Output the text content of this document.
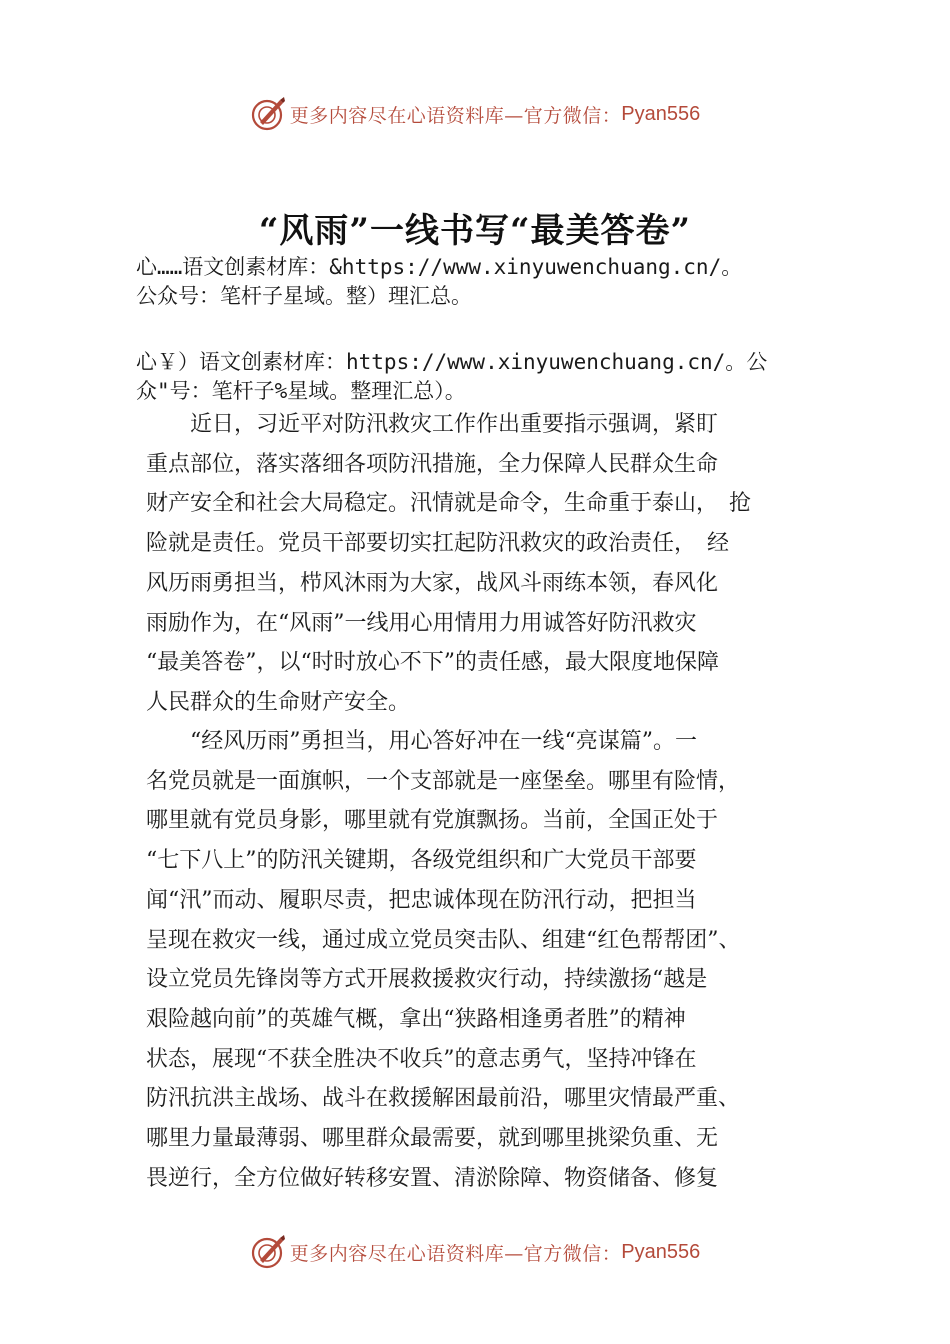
更多内容尽在心语资料库—官方微信： Pyan556
“风雨”一线书写“最美答卷”
心……语文创素材库：&https://www.xinyuwenchuang.cn/。
公众号：笔杆子星域。整）理汇总。
心￥）语文创素材库：https://www.xinyuwenchuang.cn/。公
众"号：笔杆子%星域。整理汇总）。
　　近日，习近平对防汛救灾工作作出重要指示强调，紧盯
重点部位，落实落细各项防汛措施，全力保障人民群众生命
财产安全和社会大局稳定。汛情就是命令，生命重于泰山，　抢
险就是责任。党员干部要切实扛起防汛救灾的政治责任，　经
风历雨勇担当，栉风沐雨为大家，战风斗雨练本领，春风化
雨励作为，在“风雨”一线用心用情用力用诚答好防汛救灾
“最美答卷”，以“时时放心不下”的责任感，最大限度地保障
人民群众的生命财产安全。
　　“经风历雨”勇担当，用心答好冲在一线“亮谋篇”。一
名党员就是一面旗帜，一个支部就是一座堡垒。哪里有险情，
哪里就有党员身影，哪里就有党旗飘扬。当前，全国正处于
“七下八上”的防汛关键期，各级党组织和广大党员干部要
闻“汛”而动、履职尽责，把忠诚体现在防汛行动，把担当
呈现在救灾一线，通过成立党员突击队、组建“红色帮帮团”、
设立党员先锋岗等方式开展救援救灾行动，持续激扬“越是
艰险越向前”的英雄气概，拿出“狭路相逢勇者胜”的精神
状态，展现“不获全胜决不收兵”的意志勇气，坚持冲锋在
防汛抗洪主战场、战斗在救援解困最前沿，哪里灾情最严重、
哪里力量最薄弱、哪里群众最需要，就到哪里挑梁负重、无
畏逆行，全方位做好转移安置、清淤除障、物资储备、修复
更多内容尽在心语资料库—官方微信： Pyan556
